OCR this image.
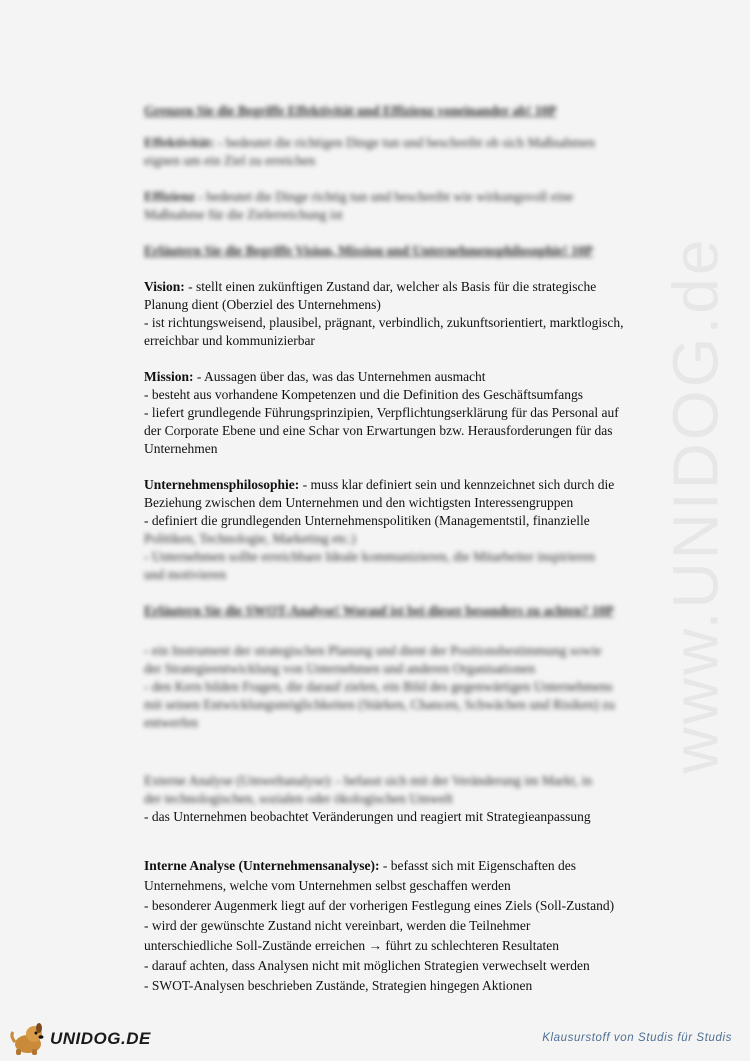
www.UNIDOG.de
Grenzen Sie die Begriffe Effektivität und Effizienz voneinander ab! 10P
Effektivität: - bedeutet die richtigen Dinge tun und beschreibt ob sich Maßnahmen
eignen um ein Ziel zu erreichen
Effizienz - bedeutet die Dinge richtig tun und beschreibt wie wirkungsvoll eine
Maßnahme für die Zielerreichung ist
Erläutern Sie die Begriffe Vision, Mission und Unternehmensphilosophie! 10P
Vision: - stellt einen zukünftigen Zustand dar, welcher als Basis für die strategische
Planung dient (Oberziel des Unternehmens)
- ist richtungsweisend, plausibel, prägnant, verbindlich, zukunftsorientiert, marktlogisch,
erreichbar und kommunizierbar
Mission: - Aussagen über das, was das Unternehmen ausmacht
- besteht aus vorhandene Kompetenzen und die Definition des Geschäftsumfangs
- liefert grundlegende Führungsprinzipien, Verpflichtungserklärung für das Personal auf
der Corporate Ebene und eine Schar von Erwartungen bzw. Herausforderungen für das
Unternehmen
Unternehmensphilosophie: - muss klar definiert sein und kennzeichnet sich durch die
Beziehung zwischen dem Unternehmen und den wichtigsten Interessengruppen
- definiert die grundlegenden Unternehmenspolitiken (Managementstil, finanzielle
Politiken, Technologie, Marketing etc.)
- Unternehmen sollte erreichbare Ideale kommunizieren, die Mitarbeiter inspirieren
und motivieren
Erläutern Sie die SWOT-Analyse! Worauf ist bei dieser besonders zu achten? 10P
- ein Instrument der strategischen Planung und dient der Positionsbestimmung sowie
der Strategieentwicklung von Unternehmen und anderen Organisationen
- den Kern bilden Fragen, die darauf zielen, ein Bild des gegenwärtigen Unternehmens
mit seinen Entwicklungsmöglichkeiten (Stärken, Chancen, Schwächen und Risiken) zu
entwerfen
Externe Analyse (Umweltanalyse): - befasst sich mit der Veränderung im Markt, in
der technologischen, sozialen oder ökologischen Umwelt
- das Unternehmen beobachtet Veränderungen und reagiert mit Strategieanpassung
Interne Analyse (Unternehmensanalyse): - befasst sich mit Eigenschaften des
Unternehmens, welche vom Unternehmen selbst geschaffen werden
- besonderer Augenmerk liegt auf der vorherigen Festlegung eines Ziels (Soll-Zustand)
- wird der gewünschte Zustand nicht vereinbart, werden die Teilnehmer
unterschiedliche Soll-Zustände erreichen → führt zu schlechteren Resultaten
- darauf achten, dass Analysen nicht mit möglichen Strategien verwechselt werden
- SWOT-Analysen beschrieben Zustände, Strategien hingegen Aktionen
UNIDOG.DE	Klausurstoff von Studis für Studis
